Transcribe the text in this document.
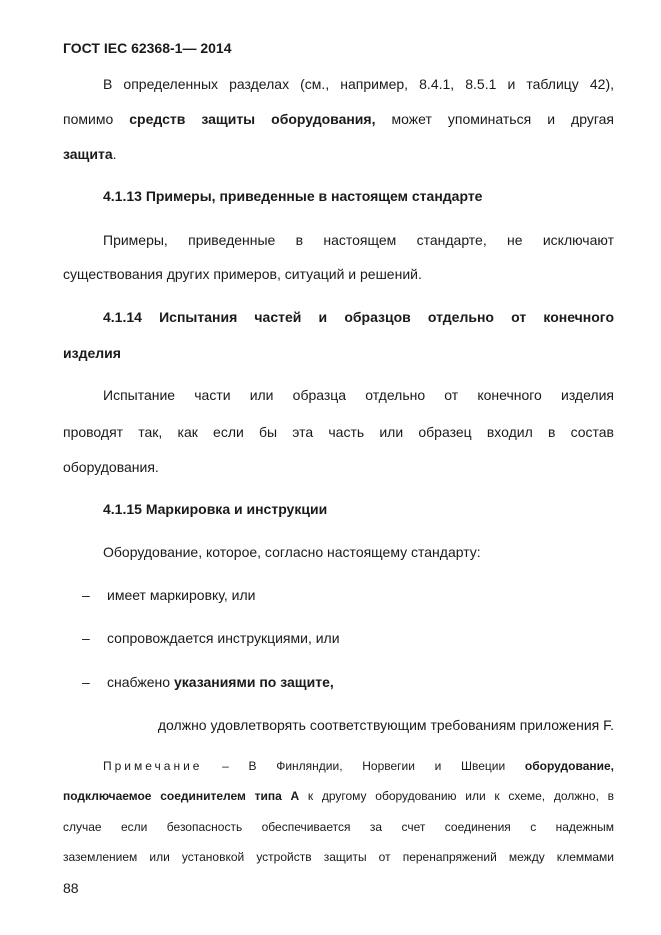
ГОСТ IEC 62368-1— 2014
В определенных разделах (см., например, 8.4.1, 8.5.1 и таблицу 42),
помимо средств защиты оборудования, может упоминаться и другая
защита.
4.1.13 Примеры, приведенные в настоящем стандарте
Примеры, приведенные в настоящем стандарте, не исключают
существования других примеров, ситуаций и решений.
4.1.14 Испытания частей и образцов отдельно от конечного
изделия
Испытание части или образца отдельно от конечного изделия
проводят так, как если бы эта часть или образец входил в состав
оборудования.
4.1.15 Маркировка и инструкции
Оборудование, которое, согласно настоящему стандарту:
– имеет маркировку, или
– сопровождается инструкциями, или
– снабжено указаниями по защите,
должно удовлетворять соответствующим требованиям приложения F.
Примечание – В Финляндии, Норвегии и Швеции оборудование,
подключаемое соединителем типа А к другому оборудованию или к схеме, должно, в
случае если безопасность обеспечивается за счет соединения с надежным
заземлением или установкой устройств защиты от перенапряжений между клеммами
88
